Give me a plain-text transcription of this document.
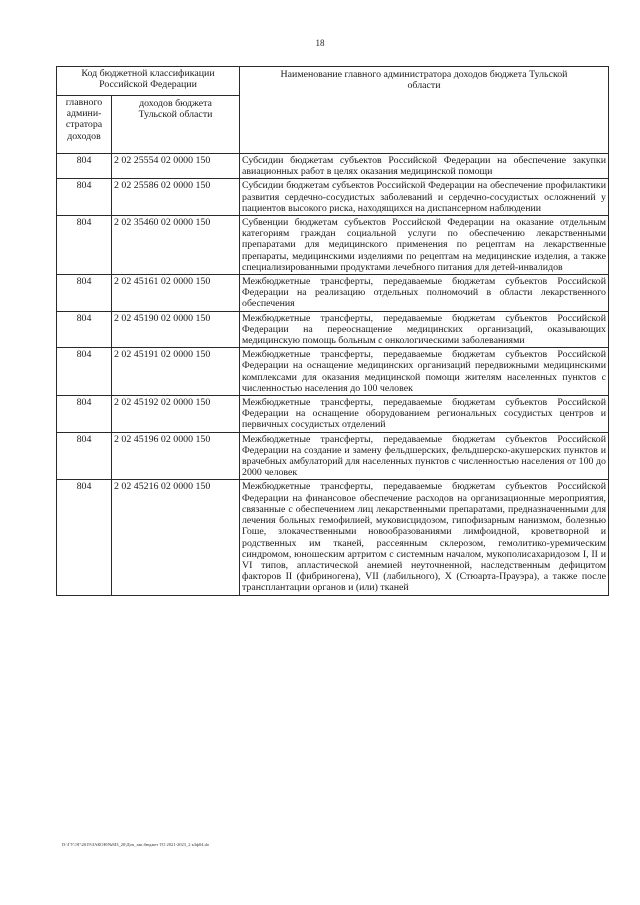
18
Код бюджетной классификации Российской Федерации		Наименование главного администратора доходов бюджета Тульской области
главного админи-стратора доходов	доходов бюджета Тульской области	
804	2 02 25554 02 0000 150	Субсидии бюджетам субъектов Российской Федерации на обеспечение закупки авиационных работ в целях оказания медицинской помощи
804	2 02 25586 02 0000 150	Субсидии бюджетам субъектов Российской Федерации на обеспечение профилактики развития сердечно-сосудистых заболеваний и сердечно-сосудистых осложнений у пациентов высокого риска, находящихся на диспансерном наблюдении
804	2 02 35460 02 0000 150	Субвенции бюджетам субъектов Российской Федерации на оказание отдельным категориям граждан социальной услуги по обеспечению лекарственными препаратами для медицинского применения по рецептам на лекарственные препараты, медицинскими изделиями по рецептам на медицинские изделия, а также специализированными продуктами лечебного питания для детей-инвалидов
804	2 02 45161 02 0000 150	Межбюджетные трансферты, передаваемые бюджетам субъектов Российской Федерации на реализацию отдельных полномочий в области лекарственного обеспечения
804	2 02 45190 02 0000 150	Межбюджетные трансферты, передаваемые бюджетам субъектов Российской Федерации на переоснащение медицинских организаций, оказывающих медицинскую помощь больным с онкологическими заболеваниями
804	2 02 45191 02 0000 150	Межбюджетные трансферты, передаваемые бюджетам субъектов Российской Федерации на оснащение медицинских организаций передвижными медицинскими комплексами для оказания медицинской помощи жителям населенных пунктов с численностью населения до 100 человек
804	2 02 45192 02 0000 150	Межбюджетные трансферты, передаваемые бюджетам субъектов Российской Федерации на оснащение оборудованием региональных сосудистых центров и первичных сосудистых отделений
804	2 02 45196 02 0000 150	Межбюджетные трансферты, передаваемые бюджетам субъектов Российской Федерации на создание и замену фельдшерских, фельдшерско-акушерских пунктов и врачебных амбулаторий для населенных пунктов с численностью населения от 100 до 2000 человек
804	2 02 45216 02 0000 150	Межбюджетные трансферты, передаваемые бюджетам субъектов Российской Федерации на финансовое обеспечение расходов на организационные мероприятия, связанные с обеспечением лиц лекарственными препаратами, предназначенными для лечения больных гемофилией, муковисцидозом, гипофизарным нанизмом, болезнью Гоше, злокачественными новообразованиями лимфоидной, кроветворной и родственных им тканей, рассеянным склерозом, гемолитико-уремическим синдромом, юношеским артритом с системным началом, мукополисахаридозом I, II и VI типов, апластической анемией неуточненной, наследственным дефицитом факторов II (фибриногена), VII (лабильного), X (Стюарта-Прауэра), а также после трансплантации органов и (или) тканей
D:\ГУ\ЭГ\2019\ЗАКОН\№МЗ_20\Доп_зак.бюджет ТО 2021-2023_2 к3ф04.do
